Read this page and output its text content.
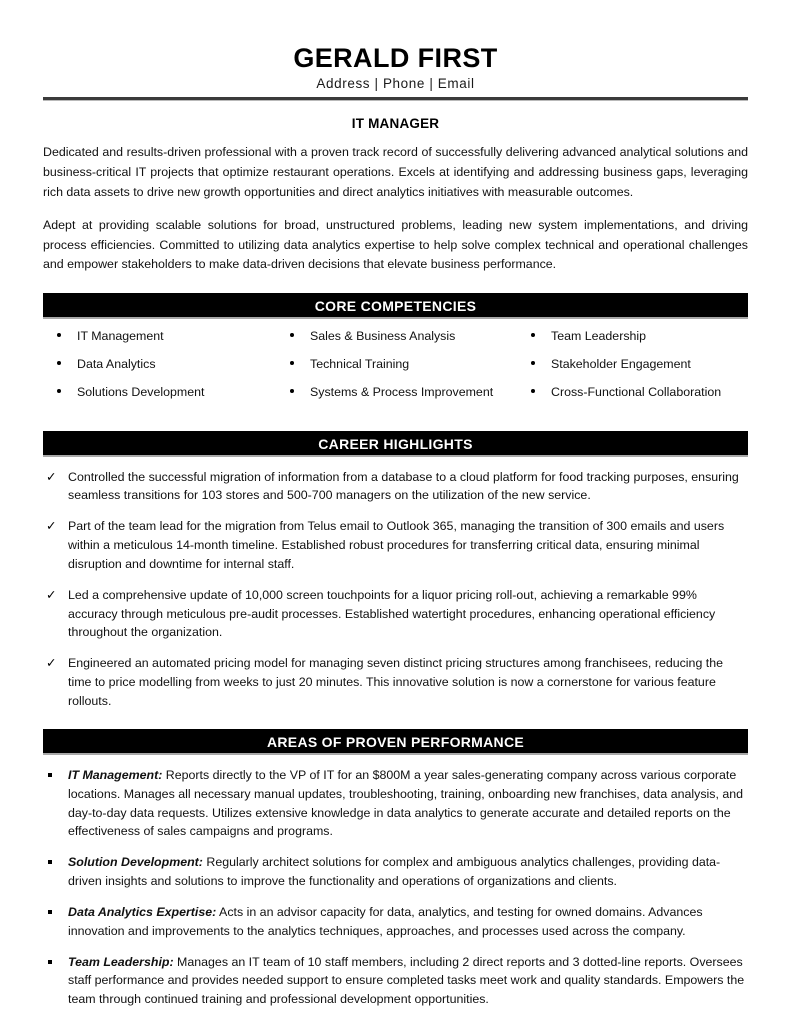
GERALD FIRST
Address | Phone | Email
IT MANAGER

Dedicated and results-driven professional with a proven track record of successfully delivering advanced analytical solutions and business-critical IT projects that optimize restaurant operations. Excels at identifying and addressing business gaps, leveraging rich data assets to drive new growth opportunities and direct analytics initiatives with measurable outcomes.

Adept at providing scalable solutions for broad, unstructured problems, leading new system implementations, and driving process efficiencies. Committed to utilizing data analytics expertise to help solve complex technical and operational challenges and empower stakeholders to make data-driven decisions that elevate business performance.

CORE COMPETENCIES
IT Management
Data Analytics
Solutions Development
Sales & Business Analysis
Technical Training
Systems & Process Improvement
Team Leadership
Stakeholder Engagement
Cross-Functional Collaboration
CAREER HIGHLIGHTS
✓ Controlled the successful migration of information from a database to a cloud platform for food tracking purposes, ensuring seamless transitions for 103 stores and 500-700 managers on the utilization of the new service.
✓ Part of the team lead for the migration from Telus email to Outlook 365, managing the transition of 300 emails and users within a meticulous 14-month timeline. Established robust procedures for transferring critical data, ensuring minimal disruption and downtime for internal staff.
✓ Led a comprehensive update of 10,000 screen touchpoints for a liquor pricing roll-out, achieving a remarkable 99% accuracy through meticulous pre-audit processes. Established watertight procedures, enhancing operational efficiency throughout the organization.
✓ Engineered an automated pricing model for managing seven distinct pricing structures among franchisees, reducing the time to price modelling from weeks to just 20 minutes. This innovative solution is now a cornerstone for various feature rollouts.
AREAS OF PROVEN PERFORMANCE
IT Management: Reports directly to the VP of IT for an $800M a year sales-generating company across various corporate locations. Manages all necessary manual updates, troubleshooting, training, onboarding new franchises, data analysis, and day-to-day data requests. Utilizes extensive knowledge in data analytics to generate accurate and detailed reports on the effectiveness of sales campaigns and programs.
Solution Development: Regularly architect solutions for complex and ambiguous analytics challenges, providing data-driven insights and solutions to improve the functionality and operations of organizations and clients.
Data Analytics Expertise: Acts in an advisor capacity for data, analytics, and testing for owned domains. Advances innovation and improvements to the analytics techniques, approaches, and processes used across the company.
Team Leadership: Manages an IT team of 10 staff members, including 2 direct reports and 3 dotted-line reports. Oversees staff performance and provides needed support to ensure completed tasks meet work and quality standards. Empowers the team through continued training and professional development opportunities.
